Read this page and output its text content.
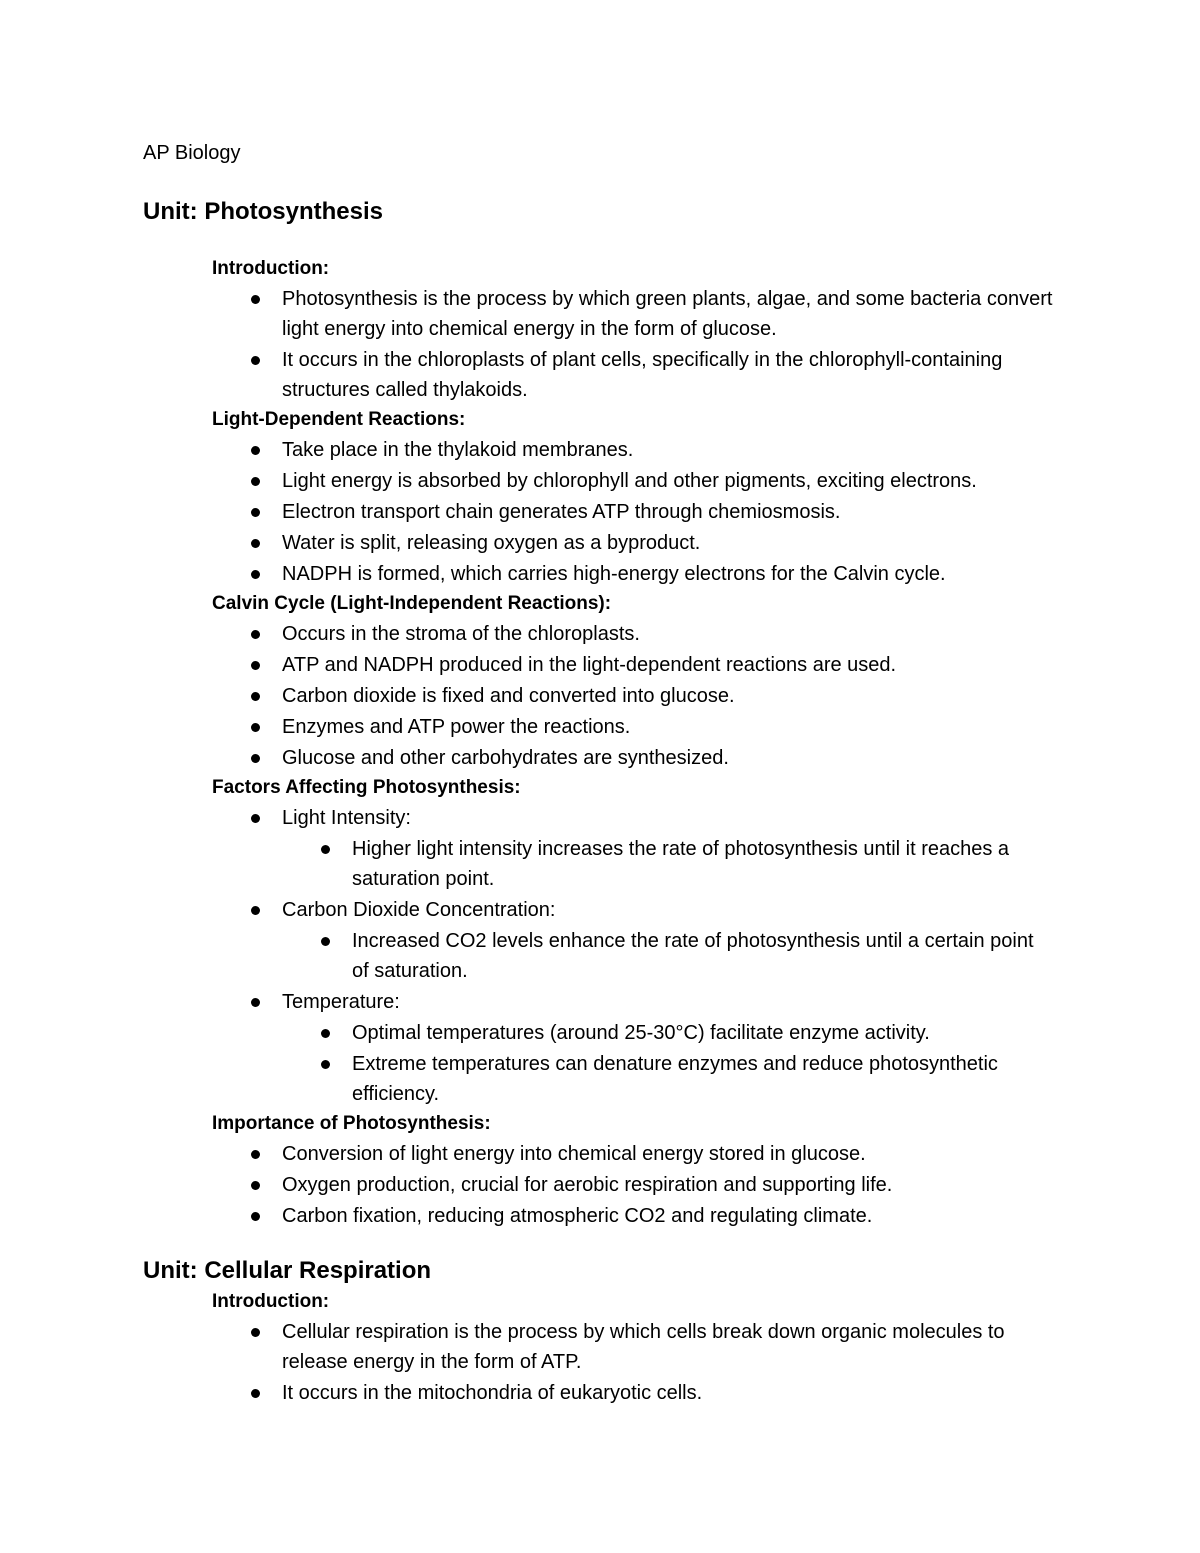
AP Biology
Unit: Photosynthesis
Introduction:
Photosynthesis is the process by which green plants, algae, and some bacteria convert light energy into chemical energy in the form of glucose.
It occurs in the chloroplasts of plant cells, specifically in the chlorophyll-containing structures called thylakoids.
Light-Dependent Reactions:
Take place in the thylakoid membranes.
Light energy is absorbed by chlorophyll and other pigments, exciting electrons.
Electron transport chain generates ATP through chemiosmosis.
Water is split, releasing oxygen as a byproduct.
NADPH is formed, which carries high-energy electrons for the Calvin cycle.
Calvin Cycle (Light-Independent Reactions):
Occurs in the stroma of the chloroplasts.
ATP and NADPH produced in the light-dependent reactions are used.
Carbon dioxide is fixed and converted into glucose.
Enzymes and ATP power the reactions.
Glucose and other carbohydrates are synthesized.
Factors Affecting Photosynthesis:
Light Intensity:
Higher light intensity increases the rate of photosynthesis until it reaches a saturation point.
Carbon Dioxide Concentration:
Increased CO2 levels enhance the rate of photosynthesis until a certain point of saturation.
Temperature:
Optimal temperatures (around 25-30°C) facilitate enzyme activity.
Extreme temperatures can denature enzymes and reduce photosynthetic efficiency.
Importance of Photosynthesis:
Conversion of light energy into chemical energy stored in glucose.
Oxygen production, crucial for aerobic respiration and supporting life.
Carbon fixation, reducing atmospheric CO2 and regulating climate.
Unit: Cellular Respiration
Introduction:
Cellular respiration is the process by which cells break down organic molecules to release energy in the form of ATP.
It occurs in the mitochondria of eukaryotic cells.
